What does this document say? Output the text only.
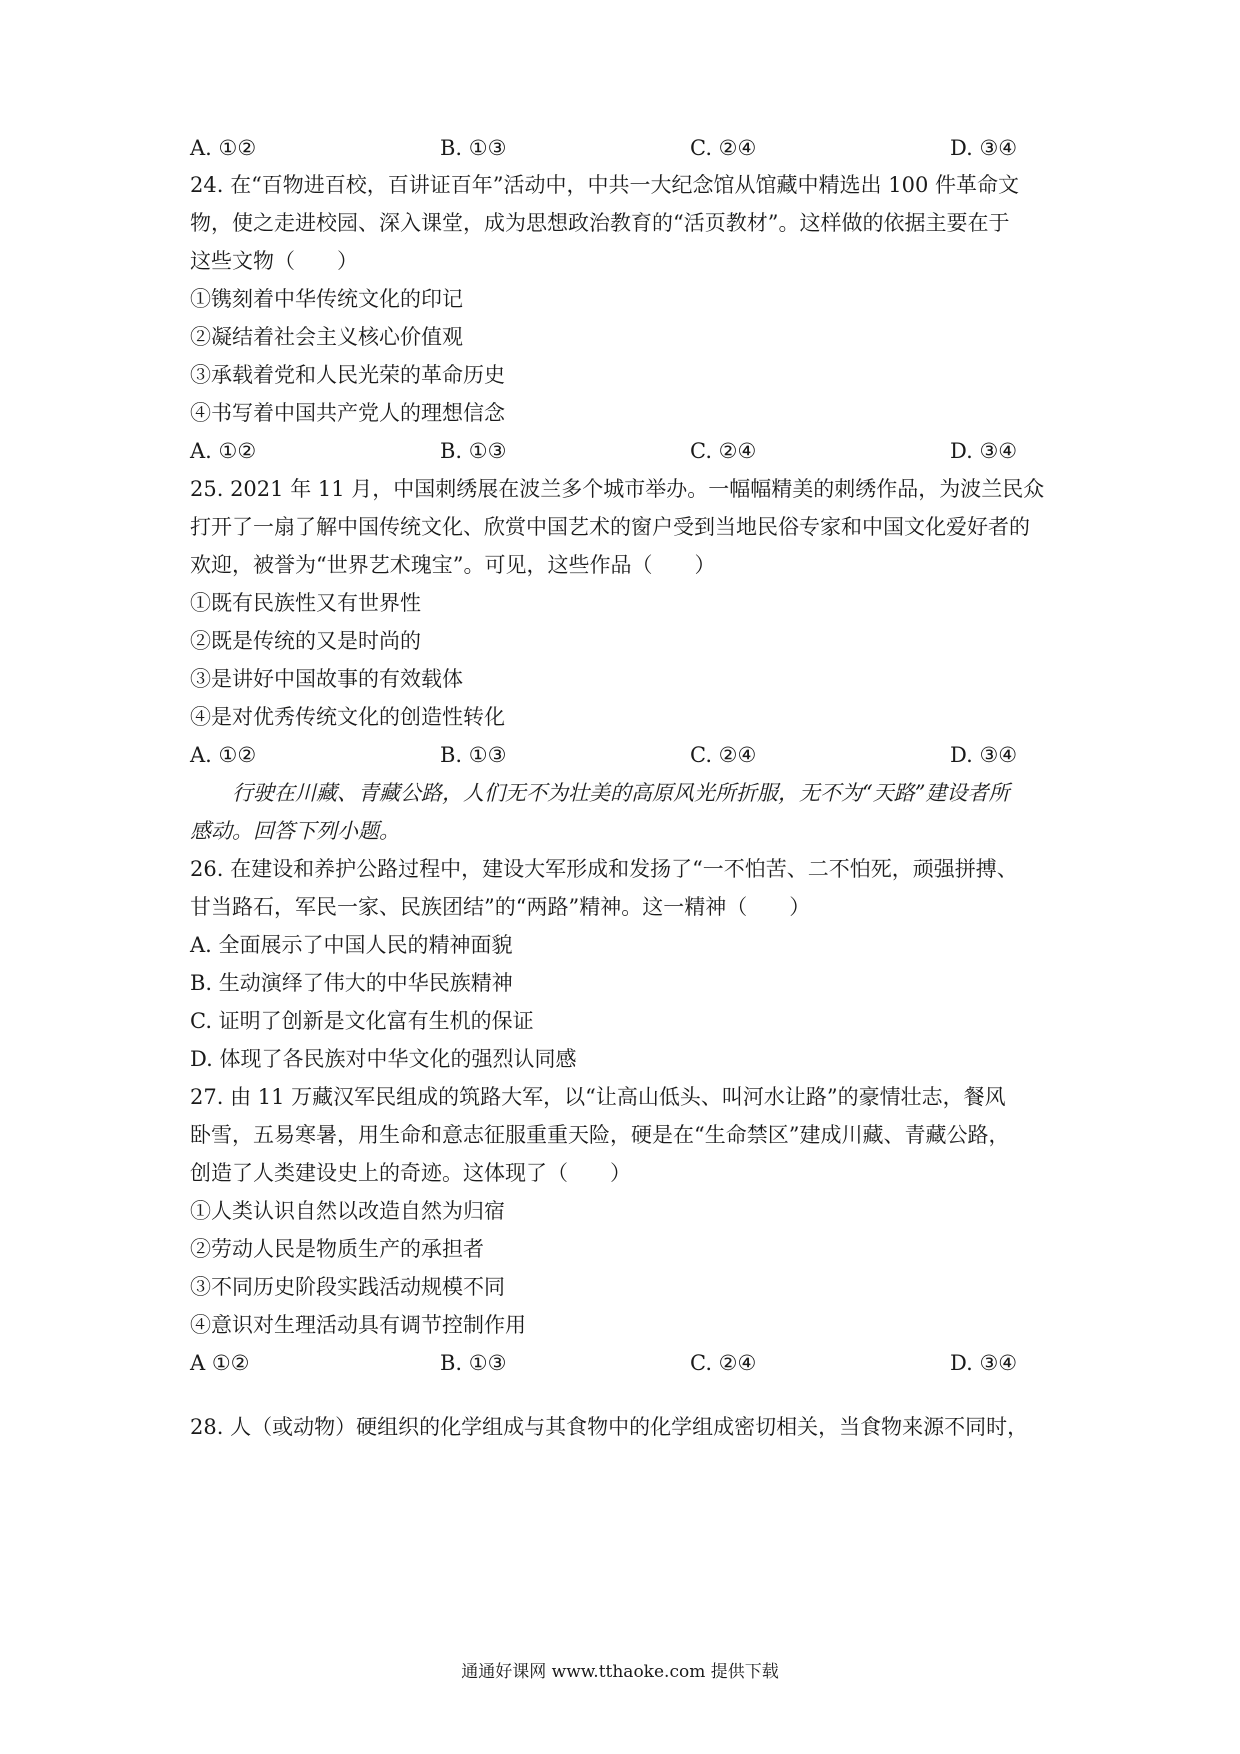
A. ①②	B. ①③	C. ②④	D. ③④
24. 在“百物进百校，百讲证百年”活动中，中共一大纪念馆从馆藏中精选出 100 件革命文
物，使之走进校园、深入课堂，成为思想政治教育的“活页教材”。这样做的依据主要在于
这些文物（　　）
①镌刻着中华传统文化的印记
②凝结着社会主义核心价值观
③承载着党和人民光荣的革命历史
④书写着中国共产党人的理想信念
A. ①②	B. ①③	C. ②④	D. ③④
25. 2021 年 11 月，中国刺绣展在波兰多个城市举办。一幅幅精美的刺绣作品，为波兰民众
打开了一扇了解中国传统文化、欣赏中国艺术的窗户受到当地民俗专家和中国文化爱好者的
欢迎，被誉为“世界艺术瑰宝”。可见，这些作品（　　）
①既有民族性又有世界性
②既是传统的又是时尚的
③是讲好中国故事的有效载体
④是对优秀传统文化的创造性转化
A. ①②	B. ①③	C. ②④	D. ③④
行驶在川藏、青藏公路，人们无不为壮美的高原风光所折服，无不为“天路”建设者所
感动。回答下列小题。
26. 在建设和养护公路过程中，建设大军形成和发扬了“一不怕苦、二不怕死，顽强拼搏、
甘当路石，军民一家、民族团结”的“两路”精神。这一精神（　　）
A. 全面展示了中国人民的精神面貌
B. 生动演绎了伟大的中华民族精神
C. 证明了创新是文化富有生机的保证
D. 体现了各民族对中华文化的强烈认同感
27. 由 11 万藏汉军民组成的筑路大军，以“让高山低头、叫河水让路”的豪情壮志，餐风
卧雪，五易寒暑，用生命和意志征服重重天险，硬是在“生命禁区”建成川藏、青藏公路，
创造了人类建设史上的奇迹。这体现了（　　）
①人类认识自然以改造自然为归宿
②劳动人民是物质生产的承担者
③不同历史阶段实践活动规模不同
④意识对生理活动具有调节控制作用
A ①②	B. ①③	C. ②④	D. ③④
28. 人（或动物）硬组织的化学组成与其食物中的化学组成密切相关，当食物来源不同时，
通通好课网 www.tthaoke.com 提供下载
